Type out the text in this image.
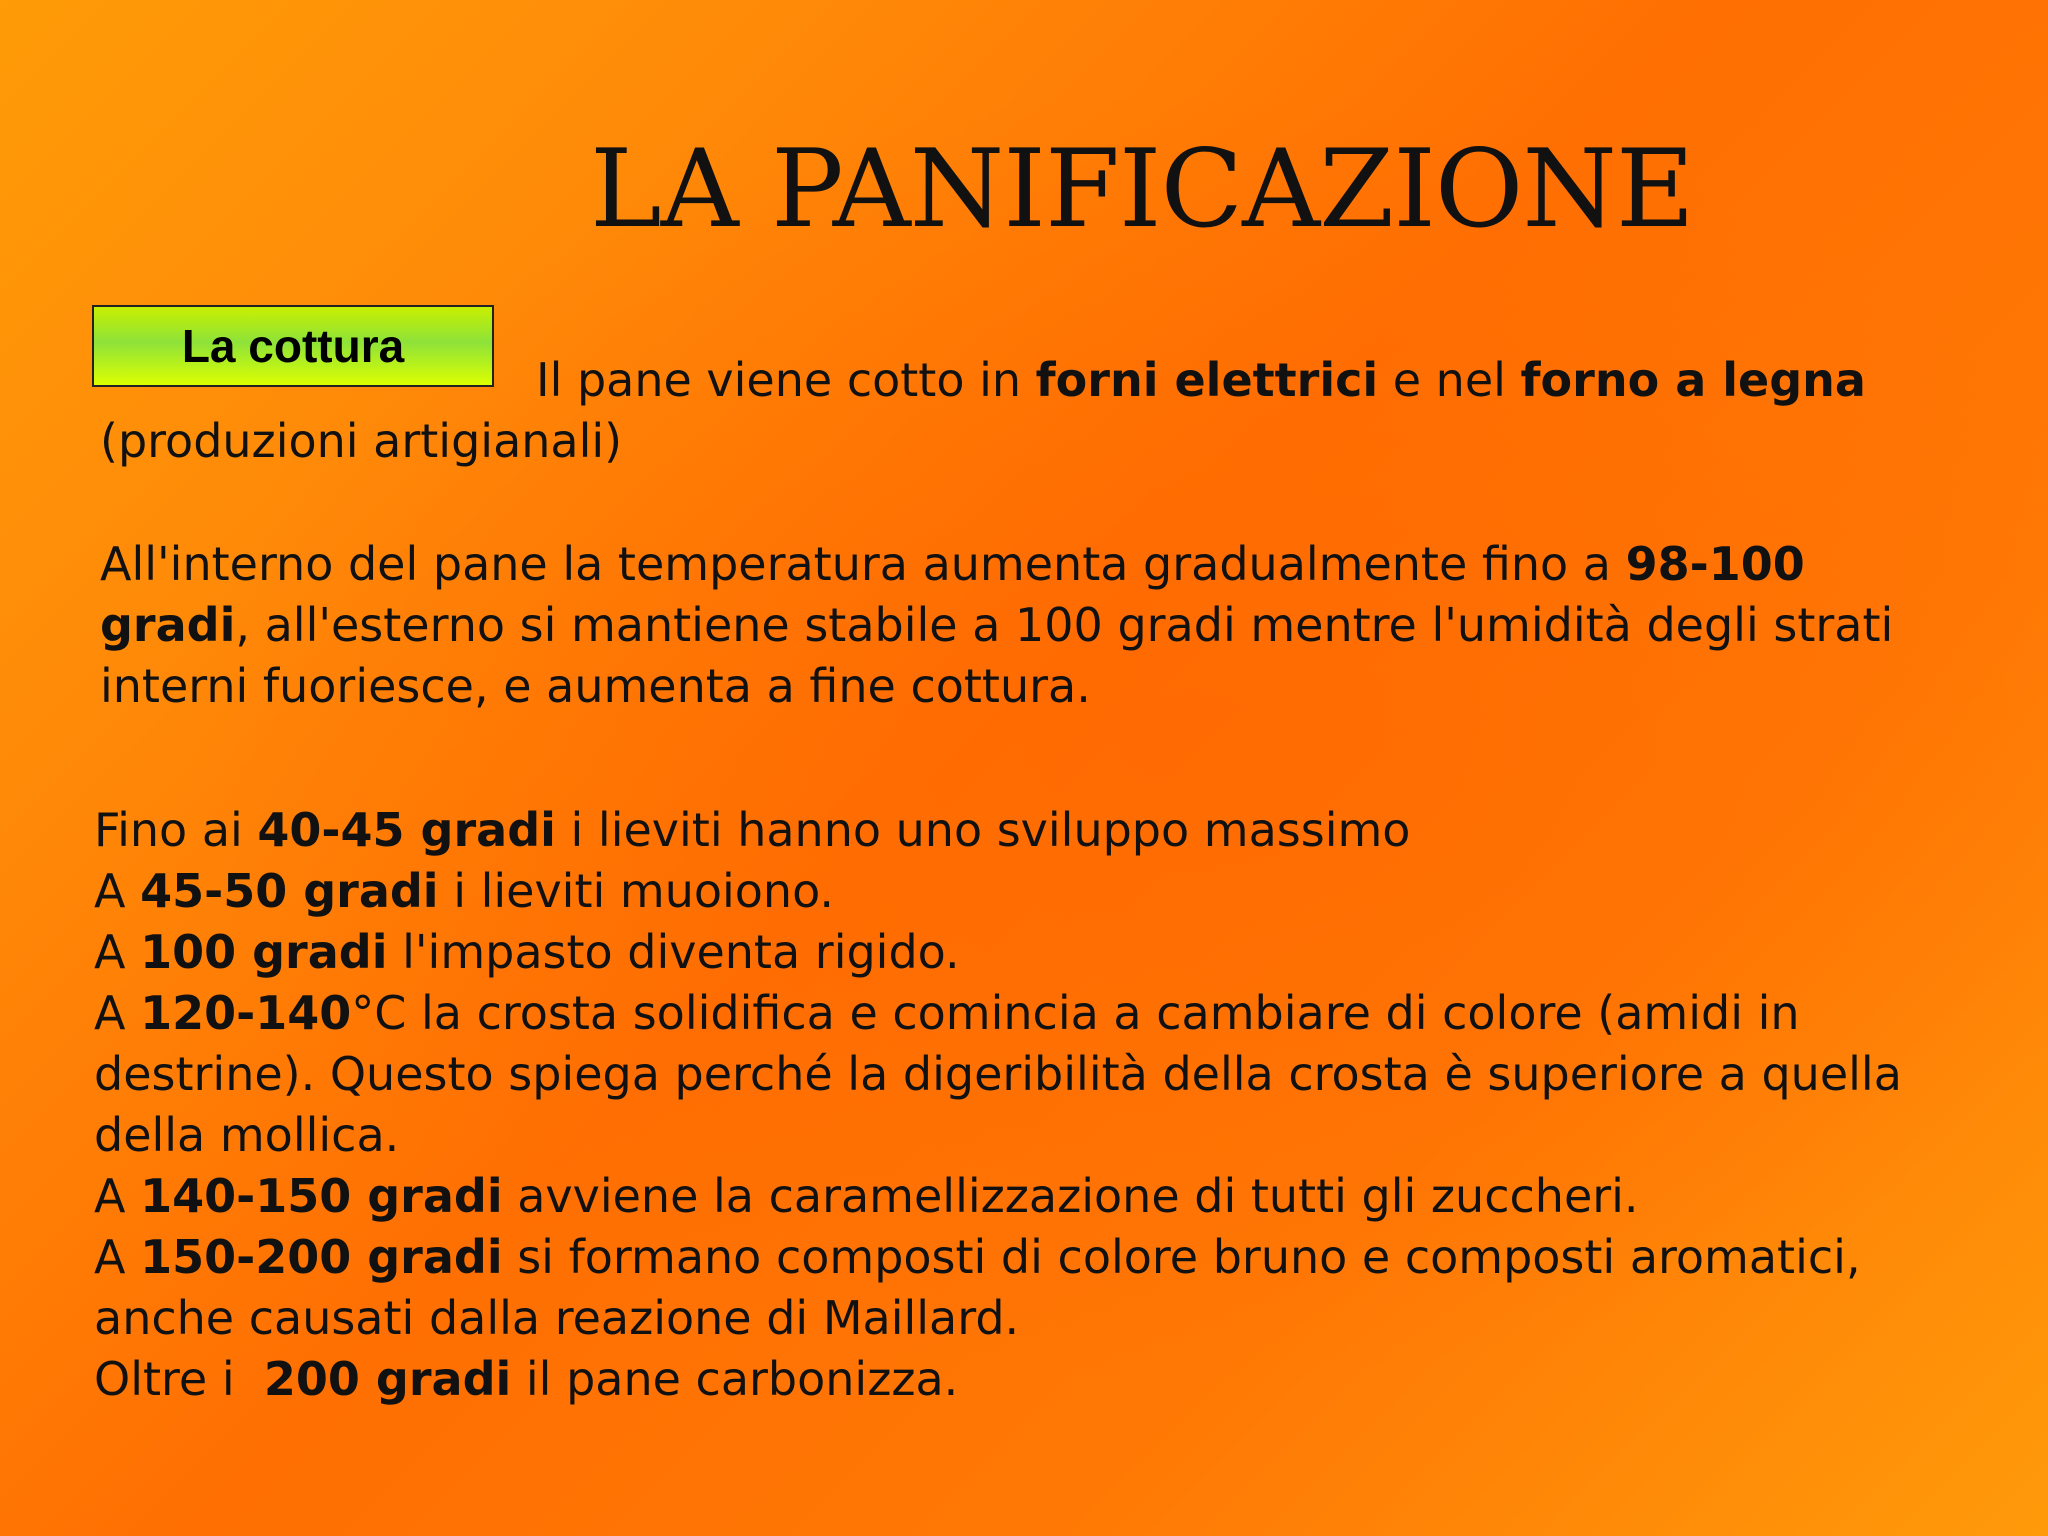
LA PANIFICAZIONE
La cottura

Il pane viene cotto in forni elettrici e nel forno a legna (produzioni artigianali)

All'interno del pane la temperatura aumenta gradualmente fino a 98-100 gradi, all'esterno si mantiene stabile a 100 gradi mentre l'umidità degli strati interni fuoriesce, e aumenta a fine cottura.

Fino ai 40-45 gradi i lieviti hanno uno sviluppo massimo
A 45-50 gradi i lieviti muoiono.
A 100 gradi l'impasto diventa rigido.
A 120-140°C la crosta solidifica e comincia a cambiare di colore (amidi in destrine). Questo spiega perché la digeribilità della crosta è superiore a quella della mollica.
A 140-150 gradi avviene la caramellizzazione di tutti gli zuccheri.
A 150-200 gradi si formano composti di colore bruno e composti aromatici, anche causati dalla reazione di Maillard.
Oltre i  200 gradi il pane carbonizza.
